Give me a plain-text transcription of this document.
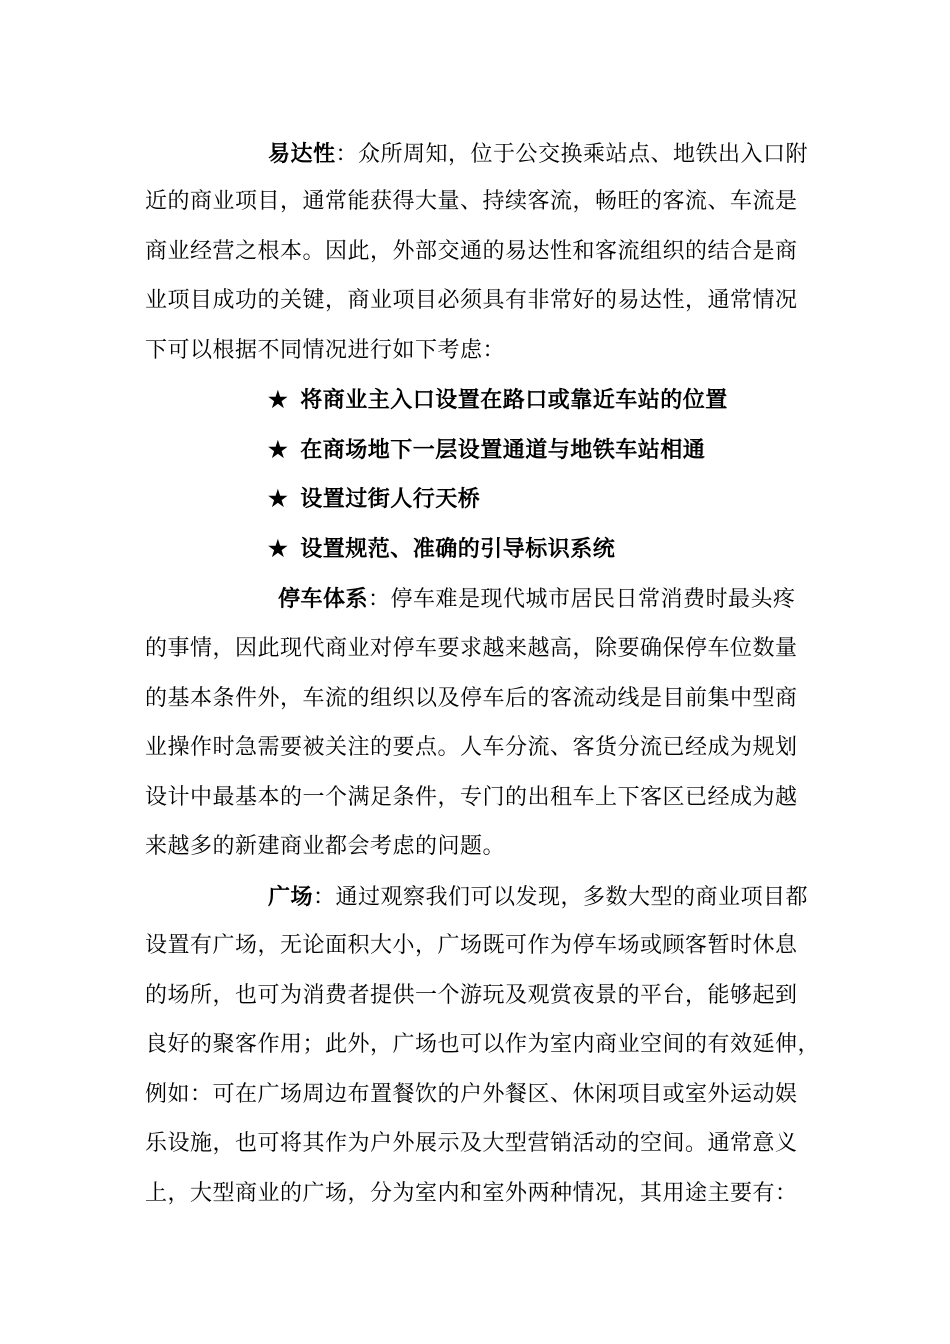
易达性：众所周知，位于公交换乘站点、地铁出入口附
近的商业项目，通常能获得大量、持续客流，畅旺的客流、车流是
商业经营之根本。因此，外部交通的易达性和客流组织的结合是商
业项目成功的关键，商业项目必须具有非常好的易达性，通常情况
下可以根据不同情况进行如下考虑：
★ 将商业主入口设置在路口或靠近车站的位置
★ 在商场地下一层设置通道与地铁车站相通
★ 设置过街人行天桥
★ 设置规范、准确的引导标识系统
停车体系：停车难是现代城市居民日常消费时最头疼
的事情，因此现代商业对停车要求越来越高，除要确保停车位数量
的基本条件外，车流的组织以及停车后的客流动线是目前集中型商
业操作时急需要被关注的要点。人车分流、客货分流已经成为规划
设计中最基本的一个满足条件，专门的出租车上下客区已经成为越
来越多的新建商业都会考虑的问题。
广场：通过观察我们可以发现，多数大型的商业项目都
设置有广场，无论面积大小，广场既可作为停车场或顾客暂时休息
的场所，也可为消费者提供一个游玩及观赏夜景的平台，能够起到
良好的聚客作用；此外，广场也可以作为室内商业空间的有效延伸，
例如：可在广场周边布置餐饮的户外餐区、休闲项目或室外运动娱
乐设施，也可将其作为户外展示及大型营销活动的空间。通常意义
上，大型商业的广场，分为室内和室外两种情况，其用途主要有：
